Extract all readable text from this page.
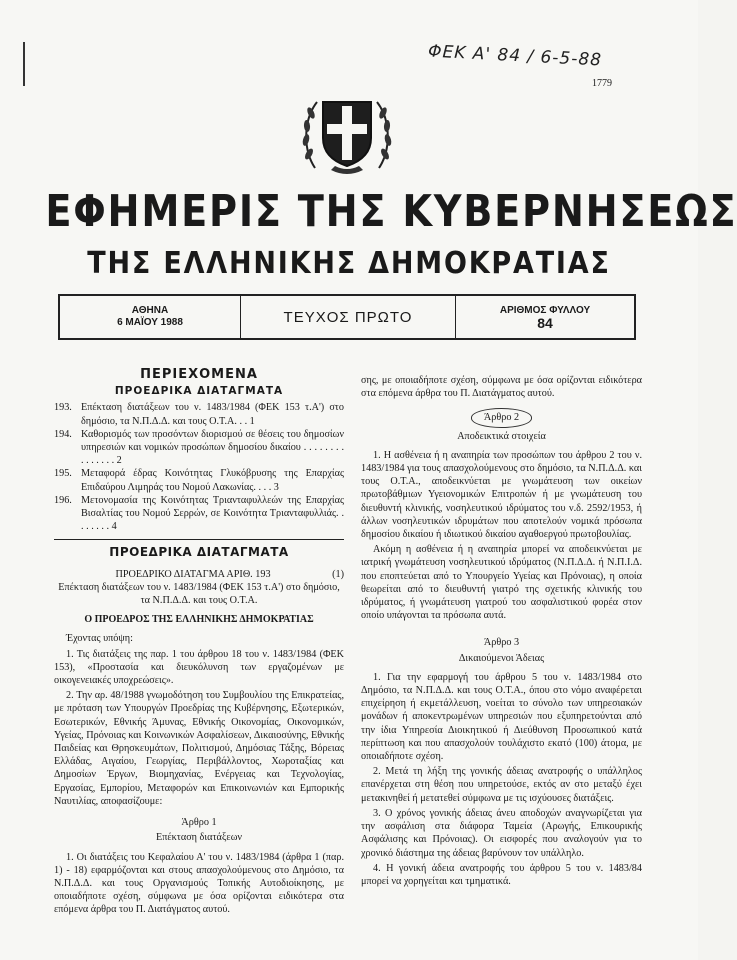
ΦΕΚ Α' 84 / 6-5-88
1779
ΕΦΗΜΕΡΙΣ ΤΗΣ ΚΥΒΕΡΝΗΣΕΩΣ
ΤΗΣ ΕΛΛΗΝΙΚΗΣ ΔΗΜΟΚΡΑΤΙΑΣ
ΑΘΗΝΑ
6 ΜΑΪΟΥ 1988	ΤΕΥΧΟΣ ΠΡΩΤΟ	ΑΡΙΘΜΟΣ ΦΥΛΛΟΥ
84
ΠΕΡΙΕΧΟΜΕΝΑ
ΠΡΟΕΔΡΙΚΑ ΔΙΑΤΑΓΜΑΤΑ
193. Επέκταση διατάξεων του ν. 1483/1984 (ΦΕΚ 153 τ.Α') στο δημόσιο, τα Ν.Π.Δ.Δ. και τους Ο.Τ.Α. . . 1
194. Καθορισμός των προσόντων διορισμού σε θέσεις του δημοσίων υπηρεσιών και νομικών προσώπων δημοσίου δικαίου . . . . . . . . . . . . . . . 2
195. Μεταφορά έδρας Κοινότητας Γλυκόβρυσης της Επαρχίας Επιδαύρου Λιμηράς του Νομού Λακωνίας. . . . 3
196. Μετονομασία της Κοινότητας Τριανταφυλλεών της Επαρχίας Βισαλτίας του Νομού Σερρών, σε Κοινότητα Τριανταφυλλιάς. . . . . . . . 4
ΠΡΟΕΔΡΙΚΑ ΔΙΑΤΑΓΜΑΤΑ
ΠΡΟΕΔΡΙΚΟ ΔΙΑΤΑΓΜΑ ΑΡΙΘ. 193	(1)
Επέκταση διατάξεων του ν. 1483/1984 (ΦΕΚ 153 τ.Α') στο δημόσιο, τα Ν.Π.Δ.Δ. και τους Ο.Τ.Α.
Ο ΠΡΟΕΔΡΟΣ ΤΗΣ ΕΛΛΗΝΙΚΗΣ ΔΗΜΟΚΡΑΤΙΑΣ

Έχοντας υπόψη:

1. Τις διατάξεις της παρ. 1 του άρθρου 18 του ν. 1483/1984 (ΦΕΚ 153), «Προστασία και διευκόλυνση των εργαζομένων με οικογενειακές υποχρεώσεις».

2. Την αρ. 48/1988 γνωμοδότηση του Συμβουλίου της Επικρατείας, με πρόταση των Υπουργών Προεδρίας της Κυβέρνησης, Εξωτερικών, Εσωτερικών, Εθνικής Άμυνας, Εθνικής Οικονομίας, Οικονομικών, Υγείας, Πρόνοιας και Κοινωνικών Ασφαλίσεων, Δικαιοσύνης, Εθνικής Παιδείας και Θρησκευμάτων, Πολιτισμού, Δημόσιας Τάξης, Βόρειας Ελλάδας, Αιγαίου, Γεωργίας, Περιβάλλοντος, Χωροταξίας και Δημοσίων Έργων, Βιομηχανίας, Ενέργειας και Τεχνολογίας, Εργασίας, Εμπορίου, Μεταφορών και Επικοινωνιών και Εμπορικής Ναυτιλίας, αποφασίζουμε:

Άρθρο 1
Επέκταση διατάξεων

1. Οι διατάξεις του Κεφαλαίου Α' του ν. 1483/1984 (άρθρα 1 (παρ. 1) - 18) εφαρμόζονται και στους απασχολούμενους στο Δημόσιο, τα Ν.Π.Δ.Δ. και τους Οργανισμούς Τοπικής Αυτοδιοίκησης, με οποιαδήποτε σχέση, σύμφωνα με όσα ορίζονται ειδικότερα στα επόμενα άρθρα του Π. Διατάγματος αυτού.

σης, με οποιαδήποτε σχέση, σύμφωνα με όσα ορίζονται ειδικότερα στα επόμενα άρθρα του Π. Διατάγματος αυτού.

Άρθρο 2
Αποδεικτικά στοιχεία

1. Η ασθένεια ή η αναπηρία των προσώπων του άρθρου 2 του ν. 1483/1984 για τους απασχολούμενους στο δημόσιο, τα Ν.Π.Δ.Δ. και τους Ο.Τ.Α., αποδεικνύεται με γνωμάτευση των οικείων πρωτοβάθμιων Υγειονομικών Επιτροπών ή με γνωμάτευση του διευθυντή κλινικής, νοσηλευτικού ιδρύματος του ν.δ. 2592/1953, ή άλλων νοσηλευτικών ιδρυμάτων που αποτελούν νομικά πρόσωπα δημοσίου δικαίου ή ιδιωτικού δικαίου αγαθοεργού πρωτοβουλίας.

Ακόμη η ασθένεια ή η αναπηρία μπορεί να αποδεικνύεται με ιατρική γνωμάτευση νοσηλευτικού ιδρύματος (Ν.Π.Δ.Δ. ή Ν.Π.Ι.Δ. που εποπτεύεται από το Υπουργείο Υγείας και Πρόνοιας), η οποία θεωρείται από το διευθυντή γιατρό της σχετικής κλινικής του ιδρύματος, ή γνωμάτευση γιατρού του ασφαλιστικού φορέα στον οποίο υπάγονται τα πρόσωπα αυτά.

Άρθρο 3
Δικαιούμενοι Άδειας

1. Για την εφαρμογή του άρθρου 5 του ν. 1483/1984 στο Δημόσιο, τα Ν.Π.Δ.Δ. και τους Ο.Τ.Α., όπου στο νόμο αναφέρεται επιχείρηση ή εκμετάλλευση, νοείται το σύνολο των υπηρεσιακών μονάδων ή αποκεντρωμένων υπηρεσιών που εξυπηρετούνται από την ίδια Υπηρεσία Διοικητικού ή Διεύθυνση Προσωπικού κατά περίπτωση και που απασχολούν τουλάχιστο εκατό (100) άτομα, με οποιαδήποτε σχέση.

2. Μετά τη λήξη της γονικής άδειας ανατροφής ο υπάλληλος επανέρχεται στη θέση που υπηρετούσε, εκτός αν στο μεταξύ έχει μετακινηθεί ή μετατεθεί σύμφωνα με τις ισχύουσες διατάξεις.

3. Ο χρόνος γονικής άδειας άνευ αποδοχών αναγνωρίζεται για την ασφάλιση στα διάφορα Ταμεία (Αρωγής, Επικουρικής Ασφάλισης και Πρόνοιας). Οι εισφορές που αναλογούν για το χρονικό διάστημα της άδειας βαρύνουν τον υπάλληλο.

4. Η γονική άδεια ανατροφής του άρθρου 5 του ν. 1483/84 μπορεί να χορηγείται και τμηματικά.
